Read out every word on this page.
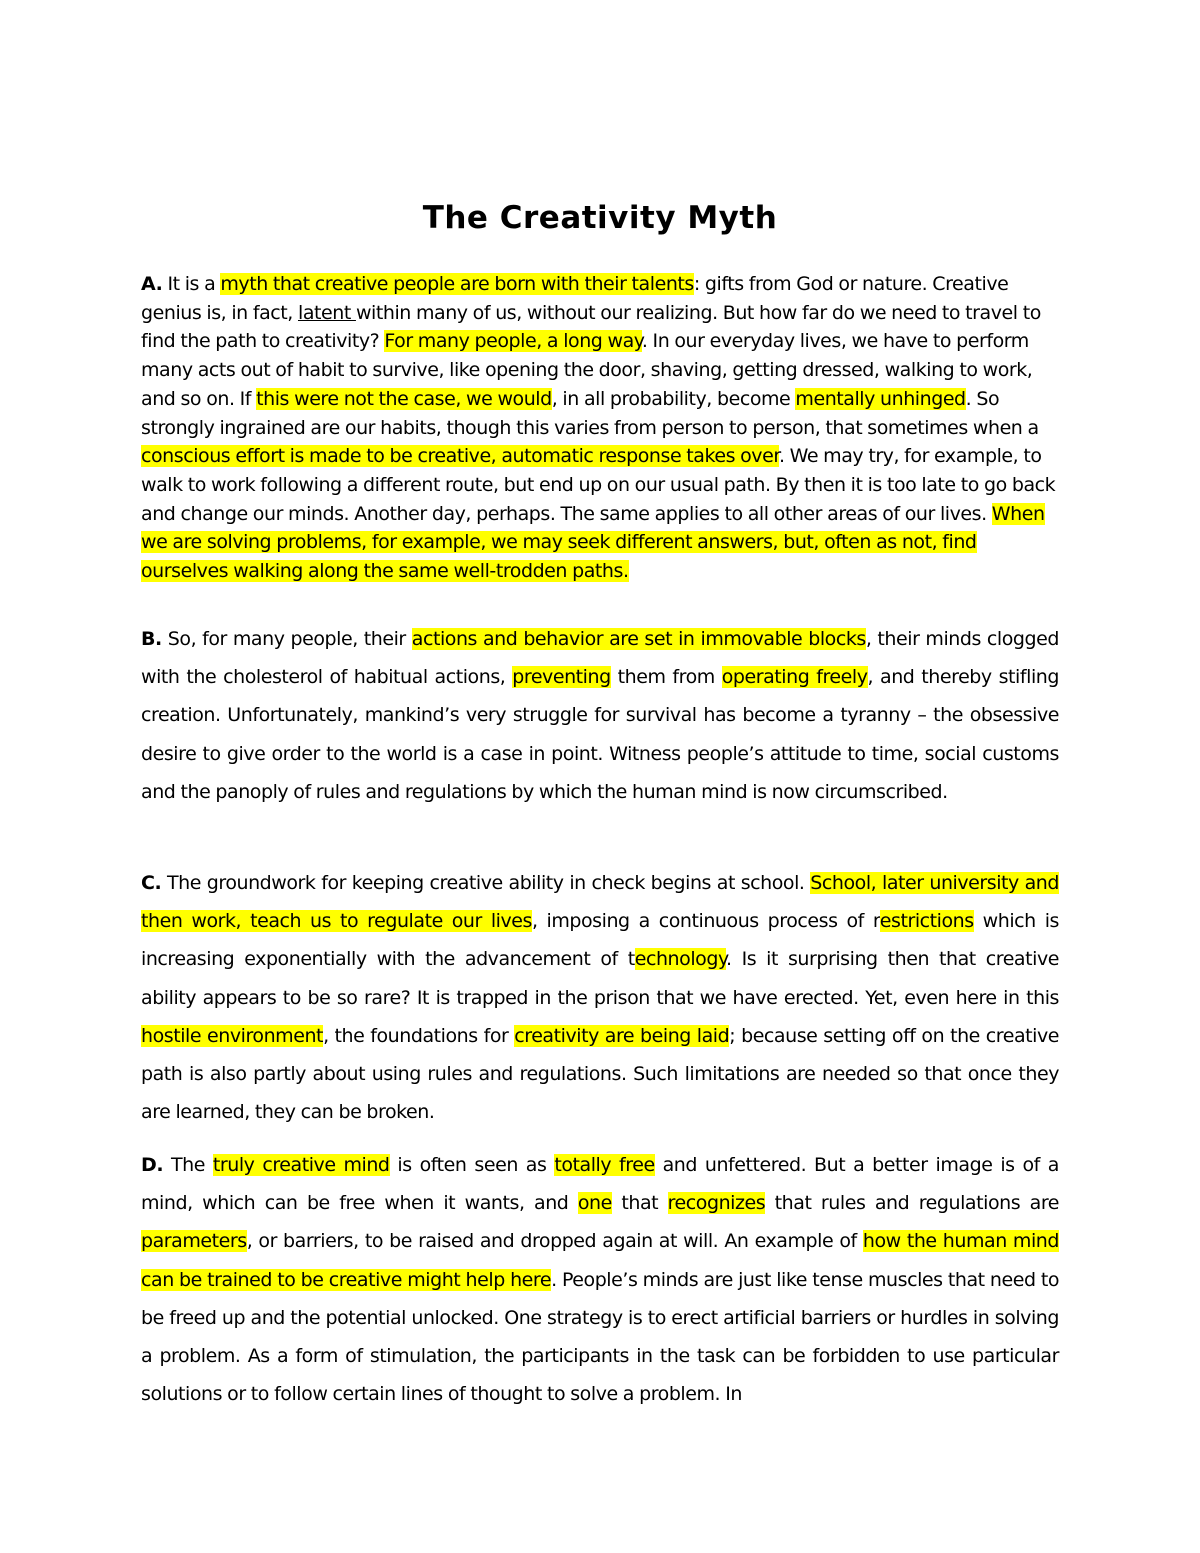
The Creativity Myth

A. It is a myth that creative people are born with their talents: gifts from God or nature. Creative genius is, in fact, latent within many of us, without our realizing. But how far do we need to travel to find the path to creativity? For many people, a long way. In our everyday lives, we have to perform many acts out of habit to survive, like opening the door, shaving, getting dressed, walking to work, and so on. If this were not the case, we would, in all probability, become mentally unhinged. So strongly ingrained are our habits, though this varies from person to person, that sometimes when a conscious effort is made to be creative, automatic response takes over. We may try, for example, to walk to work following a different route, but end up on our usual path. By then it is too late to go back and change our minds. Another day, perhaps. The same applies to all other areas of our lives. When we are solving problems, for example, we may seek different answers, but, often as not, find ourselves walking along the same well-trodden paths.

B. So, for many people, their actions and behavior are set in immovable blocks, their minds clogged with the cholesterol of habitual actions, preventing them from operating freely, and thereby stifling creation. Unfortunately, mankind’s very struggle for survival has become a tyranny – the obsessive desire to give order to the world is a case in point. Witness people’s attitude to time, social customs and the panoply of rules and regulations by which the human mind is now circumscribed.

C. The groundwork for keeping creative ability in check begins at school. School, later university and then work, teach us to regulate our lives, imposing a continuous process of restrictions which is increasing exponentially with the advancement of technology. Is it surprising then that creative ability appears to be so rare? It is trapped in the prison that we have erected. Yet, even here in this hostile environment, the foundations for creativity are being laid; because setting off on the creative path is also partly about using rules and regulations. Such limitations are needed so that once they are learned, they can be broken.

D. The truly creative mind is often seen as totally free and unfettered. But a better image is of a mind, which can be free when it wants, and one that recognizes that rules and regulations are parameters, or barriers, to be raised and dropped again at will. An example of how the human mind can be trained to be creative might help here. People’s minds are just like tense muscles that need to be freed up and the potential unlocked. One strategy is to erect artificial barriers or hurdles in solving a problem. As a form of stimulation, the participants in the task can be forbidden to use particular solutions or to follow certain lines of thought to solve a problem. In
